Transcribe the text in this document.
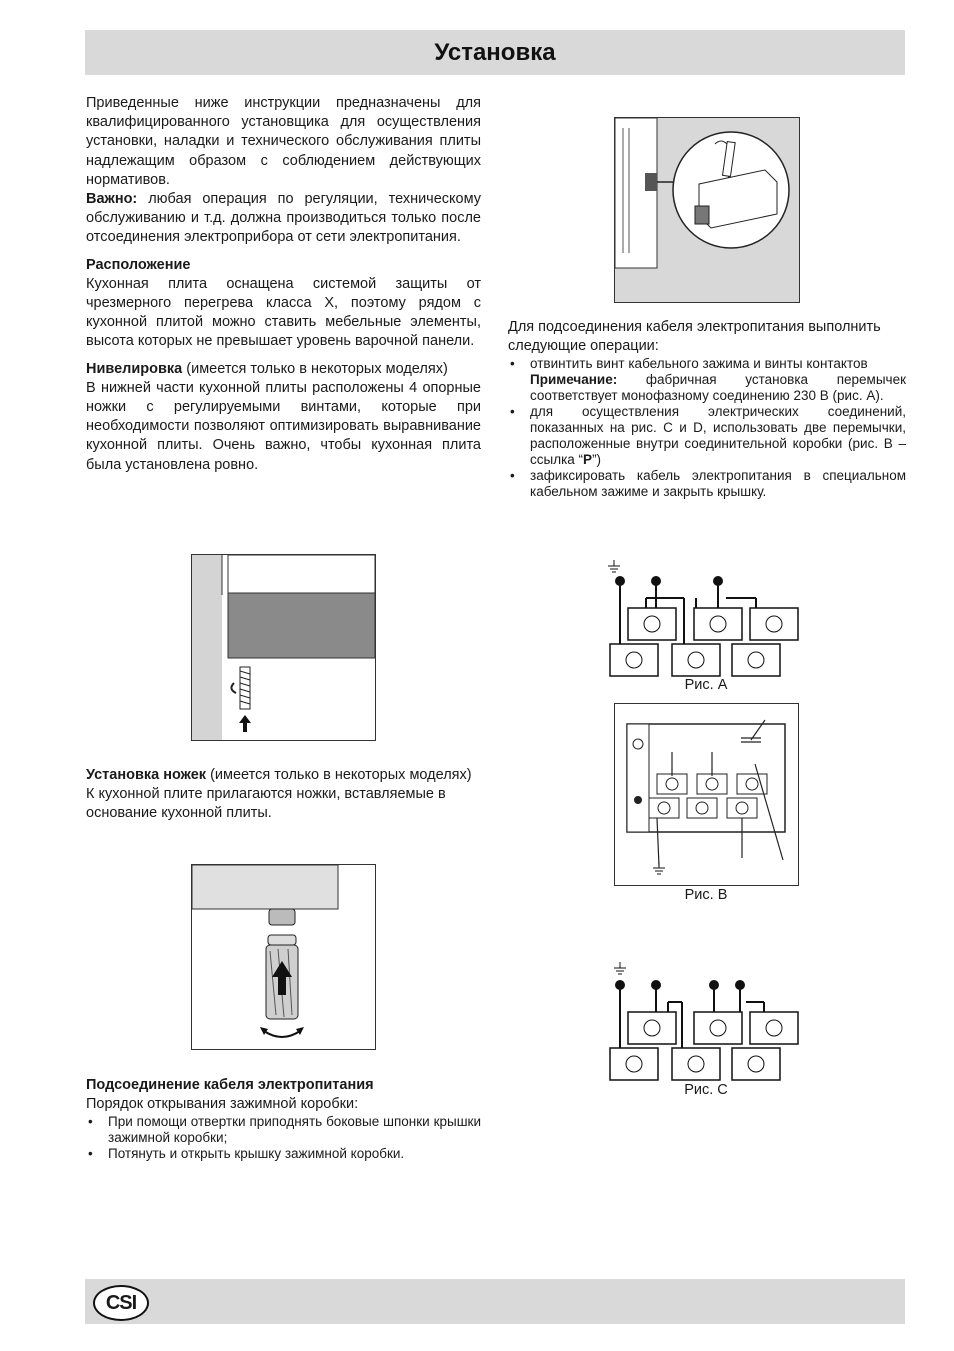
Установка

Приведенные ниже инструкции предназначены для квалифицированного установщика для осуществления установки, наладки и технического обслуживания плиты надлежащим образом с соблюдением действующих нормативов.

Важно: любая операция по регуляции, техническому обслуживанию и т.д. должна производиться только после отсоединения электроприбора от сети электропитания.

Расположение

Кухонная плита оснащена системой защиты от чрезмерного перегрева класса X, поэтому рядом с кухонной плитой можно ставить мебельные элементы, высота которых не превышает уровень варочной панели.

Нивелировка (имеется только в некоторых моделях)

В нижней части кухонной плиты расположены 4 опорные ножки с регулируемыми винтами, которые при необходимости позволяют оптимизировать выравнивание кухонной плиты. Очень важно, чтобы кухонная плита была установлена ровно.

Установка ножек (имеется только в некоторых моделях)

К кухонной плите прилагаются ножки, вставляемые в основание кухонной плиты.

Подсоединение кабеля электропитания

Порядок открывания зажимной коробки:

• При помощи отвертки приподнять боковые шпонки крышки зажимной коробки;
• Потянуть и открыть крышку зажимной коробки.

Для подсоединения кабеля электропитания выполнить следующие операции:

• отвинтить винт кабельного зажима и винты контактов
Примечание: фабричная установка перемычек соответствует монофазному соединению 230 В (рис. А).
• для осуществления электрических соединений, показанных на рис. С и D, использовать две перемычки, расположенные внутри соединительной коробки (рис. В – ссылка “P”)
• зафиксировать кабель электропитания в специальном кабельном зажиме и закрыть крышку.
Рис. А
Рис. В
Рис. С
CSI
